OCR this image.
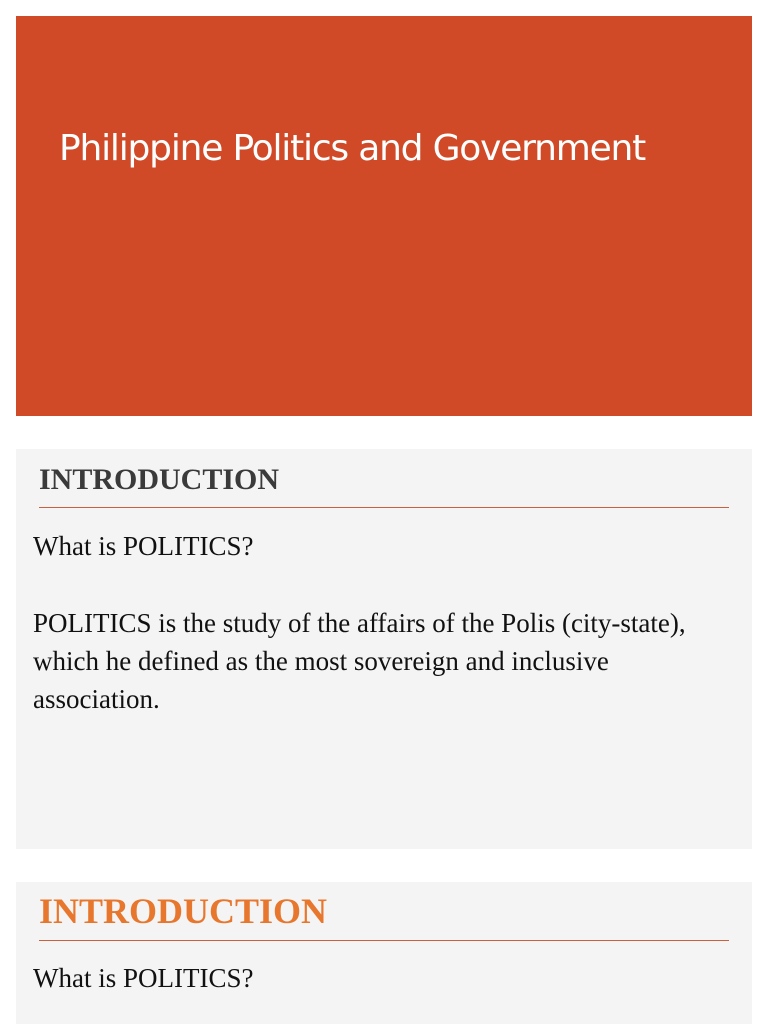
Philippine Politics and Government
INTRODUCTION

What is POLITICS?

POLITICS is the study of the affairs of the Polis (city-state), which he defined as the most sovereign and inclusive association.

INTRODUCTION

What is POLITICS?
